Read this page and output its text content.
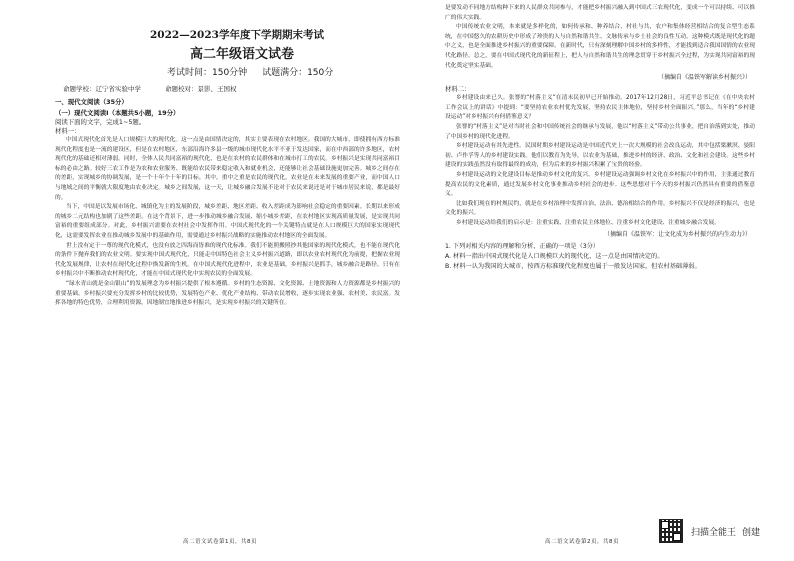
2022—2023学年度下学期期末考试
高二年级语文试卷
考试时间：150分钟 试题满分：150分
命题学校：辽宁省实验中学	命题校对：景影、王国权
一、现代文阅读（35分）
（一）现代文阅读Ⅰ（本题共5小题，19分）
阅读下面的文字，完成1~5题。
材料一：

中国式现代化首先是人口规模巨大的现代化。这一点是由国情决定的，其实主要表现在农村地区。我国的大城市，即使拥有西方标准现代化程度也是一流的建设区，但是在农村地区，东部沿海许多县一级的城市现代化水平不亚于发达国家，而在中西部的许多地区，农村现代化的基础还相对薄弱。同时，全体人民共同富裕的现代化，也是在农村的农民群体和在城市打工的农民。乡村振兴是实现共同富裕目标的必由之路。较好三农工作是为农和农业服务、既能给农民带来稳定收入和就业机会，还能够让社会基础设施更加完善。城乡之间存在的差距，实现城乡的协调发展，是一个十年个十年的目标。其中，重中之重是农民的现代化。农业是在未来发展的重要产业，而中国人口与地域之间的平衡就大限度地由农业决定。城乡之间发展，这一天，让城乡融合发展不论对于农民来说还是对于城市居民来说，都是最好的。

当下，中国是以发展市场化、城镇化为主的发展阶段，城乡差距、地区差距、收入差距成为影响社会稳定的重要因素。长期以来形成的城乡二元结构也加剧了这些差距。在这个背景下，进一步推动城乡融合发展、缩小城乡差距，在农村地区实现高质量发展，是实现共同富裕的重要组成部分。对此，乡村振兴需要在农村社会中发挥作用。中国式现代化的一个关键特点就是在人口规模巨大的国家实现现代化，这需要发挥农业在推动城乡发展中的基础作用，需要通过乡村振兴战略的实施推动农村地区的全面发展。

世上没有定于一尊的现代化模式，也没有放之四海而皆准的现代化标准。我们不能照搬照抄其他国家的现代化模式，也不能在现代化的条件下抛弃我们的农业文明。要实现中国式现代化，只能走中国特色社会主义乡村振兴道路，即以农业农村现代化为前提，把握农业现代化发展规律，让农村在现代化过程中焕发新的生机。在中国式现代化进程中，农业是基础，乡村振兴是抓手，城乡融合是路径。只有在乡村振兴中不断推动农村现代化，才能在中国式现代化中实现农民的全面发展。

“绿水青山就是金山银山”的发展理念为乡村振兴提供了根本遵循。乡村的生态资源、文化资源、土地资源和人力资源都是乡村振兴的重要基础。乡村振兴要充分发挥乡村的比较优势，发展特色产业、优化产业结构、带动农民增收，逐步实现农业强、农村美、农民富。发挥各地的特色优势，合理利用资源，因地制宜地推进乡村振兴，是实现乡村振兴的关键所在。

是要发动不同地方结构种下来的人民群众共同参与，才能把乡村振兴融入到中国式三农现代化，变成一个可以持续、可以推广的伟大实践。

中国传统农业文明，本来就是多样化的，如何传承和、种养结合、村社与共，农户和集体经营相结合的复合型生态系统，在中国悠久的农耕历史中形成了珍贵的人与自然和谐共生、文脉传承与乡土社会的良性互动。这种模式既是现代化的题中之义，也是全面推进乡村振兴的重要保障。在新时代，只有深刻理解中国乡村的多样性，才能找到适合我国国情的农业现代化路径。总之，要在中国式现代化的新征程上，把人与自然和谐共生的理念贯穿于乡村振兴全过程，为实现共同富裕的现代化奠定坚实基础。

（摘编自《温铁军解读乡村振兴》）
材料二：

乡村建设由来已久。张謇的“村落主义”在清末民初早已开始推动。2017年12月28日，习近平总书记在《在中央农村工作会议上的讲话》中提到：“要坚持农业农村优先发展，坚持农民主体地位，坚持乡村全面振兴。”那么，当年的“乡村建设运动”对乡村振兴有何借鉴意义？

张謇的“村落主义”是对当时社会和中国传统社会的继承与发展，他以“村落主义”带动公共事业，把自治落到实处，推动了中国乡村的现代化进程。

乡村建设运动有其先进性。民国时期乡村建设运动是中国近代史上一次大规模的社会改良运动，其中包括梁漱溟、晏阳初、卢作孚等人的乡村建设实践。他们以教育为先导，以农业为基础，推进乡村的经济、政治、文化和社会建设。这些乡村建设的实践虽然没有取得最终的成功，但为后来的乡村振兴积累了宝贵的经验。

乡村建设运动的文化建设目标是推动乡村文化的复兴。乡村建设运动强调乡村文化在乡村振兴中的作用，主张通过教育提高农民的文化素质，通过发展乡村文化事业推动乡村社会的进步。这些思想对于今天的乡村振兴仍然具有重要的借鉴意义。

比如我们现在的村规民约，就是在乡村治理中发挥自治、法治、德治相结合的作用。乡村振兴不仅是经济的振兴，也是文化的振兴。

乡村建设运动给我们的启示是：注重实践、注重农民主体地位、注重乡村文化建设、注重城乡融合发展。

（摘编自《温铁军：让文化成为乡村振兴的内生动力》）

1. 下列对相关内容的理解和分析，正确的一项是（3分）

A. 材料一指出中国式现代化是人口规模巨大的现代化，这一点是由国情决定的。

B. 材料一认为我国的大城市，按西方标准现代化程度也属于一般发达国家，但农村基础薄弱。

高二语文试卷第1页，共8页	高二语文试卷第2页，共8页
扫描全能王 创建
